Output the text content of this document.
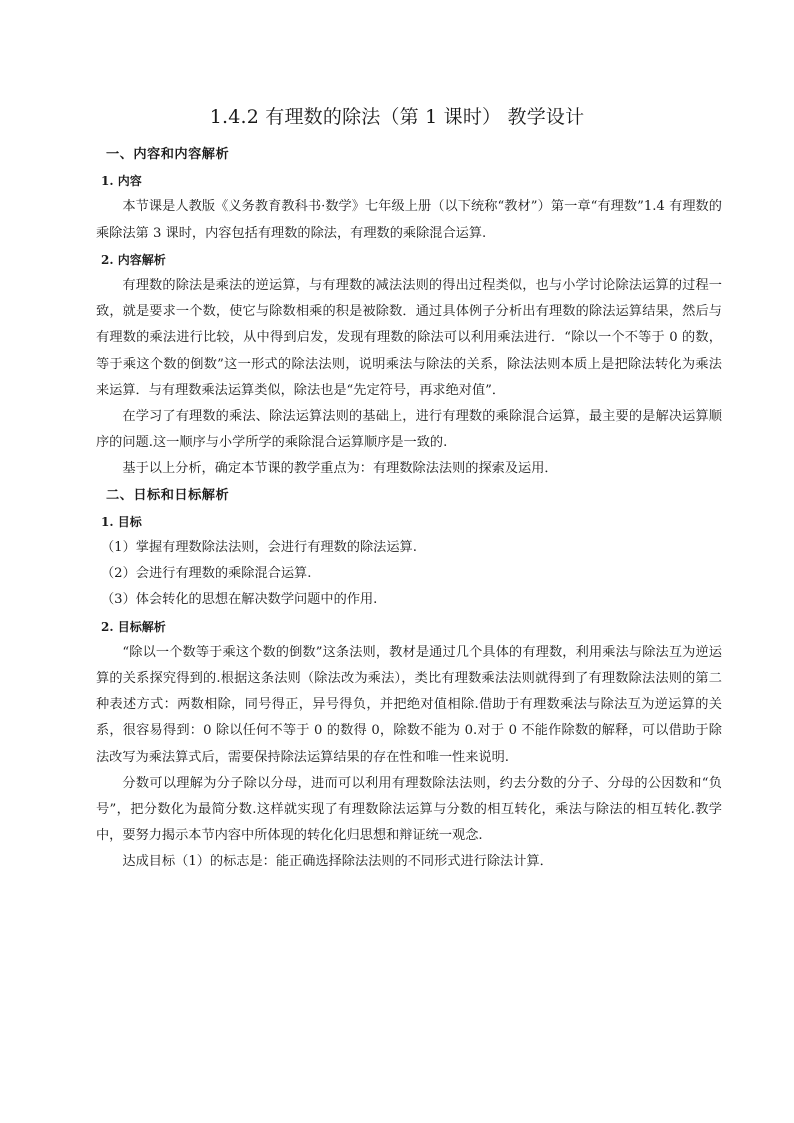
1.4.2 有理数的除法（第 1 课时） 教学设计
一、内容和内容解析
1. 内容
本节课是人教版《义务教育教科书·数学》七年级上册（以下统称“教材”）第一章“有理数”1.4 有理数的乘除法第 3 课时，内容包括有理数的除法，有理数的乘除混合运算.
2. 内容解析
有理数的除法是乘法的逆运算，与有理数的减法法则的得出过程类似，也与小学讨论除法运算的过程一致，就是要求一个数，使它与除数相乘的积是被除数．通过具体例子分析出有理数的除法运算结果，然后与有理数的乘法进行比较，从中得到启发，发现有理数的除法可以利用乘法进行．“除以一个不等于 0 的数，等于乘这个数的倒数”这一形式的除法法则，说明乘法与除法的关系，除法法则本质上是把除法转化为乘法来运算．与有理数乘法运算类似，除法也是“先定符号，再求绝对值”．
在学习了有理数的乘法、除法运算法则的基础上，进行有理数的乘除混合运算，最主要的是解决运算顺序的问题.这一顺序与小学所学的乘除混合运算顺序是一致的.
基于以上分析，确定本节课的教学重点为：有理数除法法则的探索及运用．
二、日标和日标解析
1. 目标
（1）掌握有理数除法法则，会进行有理数的除法运算.
（2）会进行有理数的乘除混合运算.
（3）体会转化的思想在解决数学问题中的作用.
2. 目标解析
“除以一个数等于乘这个数的倒数”这条法则，教材是通过几个具体的有理数，利用乘法与除法互为逆运算的关系探究得到的.根据这条法则（除法改为乘法），类比有理数乘法法则就得到了有理数除法法则的第二种表述方式：两数相除，同号得正，异号得负，并把绝对值相除.借助于有理数乘法与除法互为逆运算的关系，很容易得到：0 除以任何不等于 0 的数得 0，除数不能为 0.对于 0 不能作除数的解释，可以借助于除法改写为乘法算式后，需要保持除法运算结果的存在性和唯一性来说明.
分数可以理解为分子除以分母，进而可以利用有理数除法法则，约去分数的分子、分母的公因数和“负号”，把分数化为最简分数.这样就实现了有理数除法运算与分数的相互转化，乘法与除法的相互转化.教学中，要努力揭示本节内容中所体现的转化化归思想和辩证统一观念.
达成目标（1）的标志是：能正确选择除法法则的不同形式进行除法计算．
